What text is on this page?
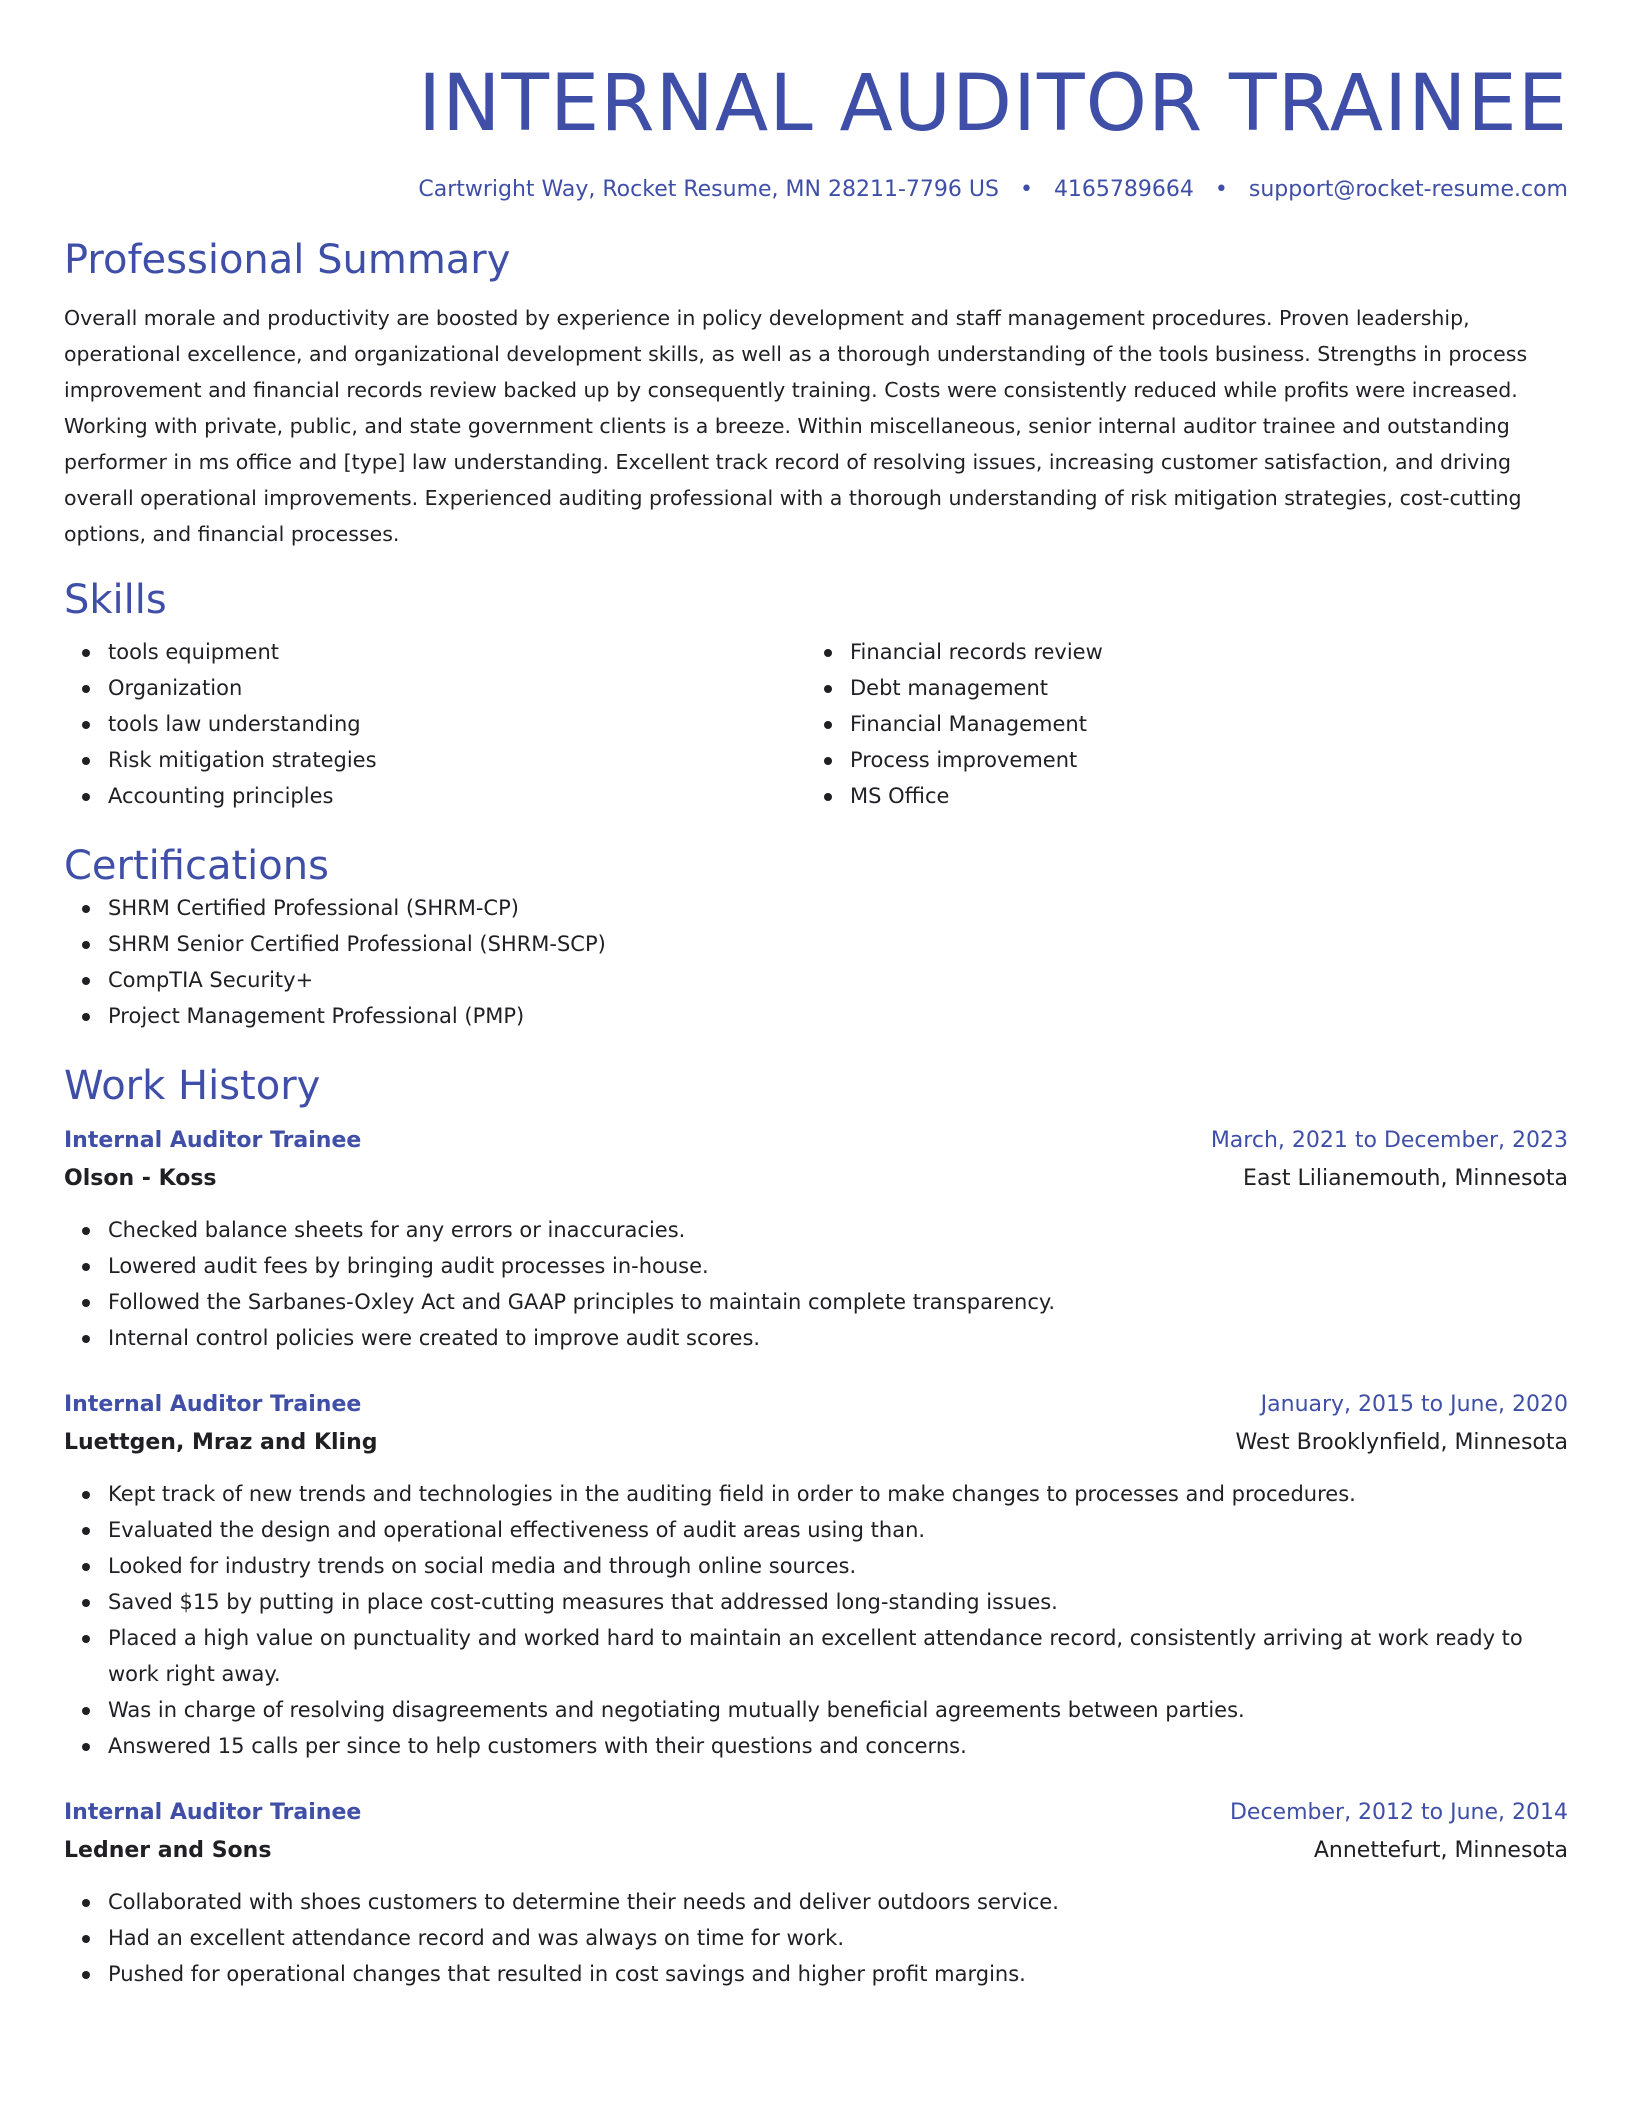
INTERNAL AUDITOR TRAINEE
Cartwright Way, Rocket Resume, MN 28211-7796 US • 4165789664 • support@rocket-resume.com
Professional Summary
Overall morale and productivity are boosted by experience in policy development and staff management procedures. Proven leadership, operational excellence, and organizational development skills, as well as a thorough understanding of the tools business. Strengths in process improvement and financial records review backed up by consequently training. Costs were consistently reduced while profits were increased. Working with private, public, and state government clients is a breeze. Within miscellaneous, senior internal auditor trainee and outstanding performer in ms office and [type] law understanding. Excellent track record of resolving issues, increasing customer satisfaction, and driving overall operational improvements. Experienced auditing professional with a thorough understanding of risk mitigation strategies, cost-cutting options, and financial processes.
Skills
tools equipment
Organization
tools law understanding
Risk mitigation strategies
Accounting principles
Financial records review
Debt management
Financial Management
Process improvement
MS Office
Certifications
SHRM Certified Professional (SHRM-CP)
SHRM Senior Certified Professional (SHRM-SCP)
CompTIA Security+
Project Management Professional (PMP)
Work History
Internal Auditor Trainee	March, 2021 to December, 2023
Olson - Koss	East Lilianemouth, Minnesota
Checked balance sheets for any errors or inaccuracies.
Lowered audit fees by bringing audit processes in-house.
Followed the Sarbanes-Oxley Act and GAAP principles to maintain complete transparency.
Internal control policies were created to improve audit scores.
Internal Auditor Trainee	January, 2015 to June, 2020
Luettgen, Mraz and Kling	West Brooklynfield, Minnesota
Kept track of new trends and technologies in the auditing field in order to make changes to processes and procedures.
Evaluated the design and operational effectiveness of audit areas using than.
Looked for industry trends on social media and through online sources.
Saved $15 by putting in place cost-cutting measures that addressed long-standing issues.
Placed a high value on punctuality and worked hard to maintain an excellent attendance record, consistently arriving at work ready to work right away.
Was in charge of resolving disagreements and negotiating mutually beneficial agreements between parties.
Answered 15 calls per since to help customers with their questions and concerns.
Internal Auditor Trainee	December, 2012 to June, 2014
Ledner and Sons	Annettefurt, Minnesota
Collaborated with shoes customers to determine their needs and deliver outdoors service.
Had an excellent attendance record and was always on time for work.
Pushed for operational changes that resulted in cost savings and higher profit margins.
